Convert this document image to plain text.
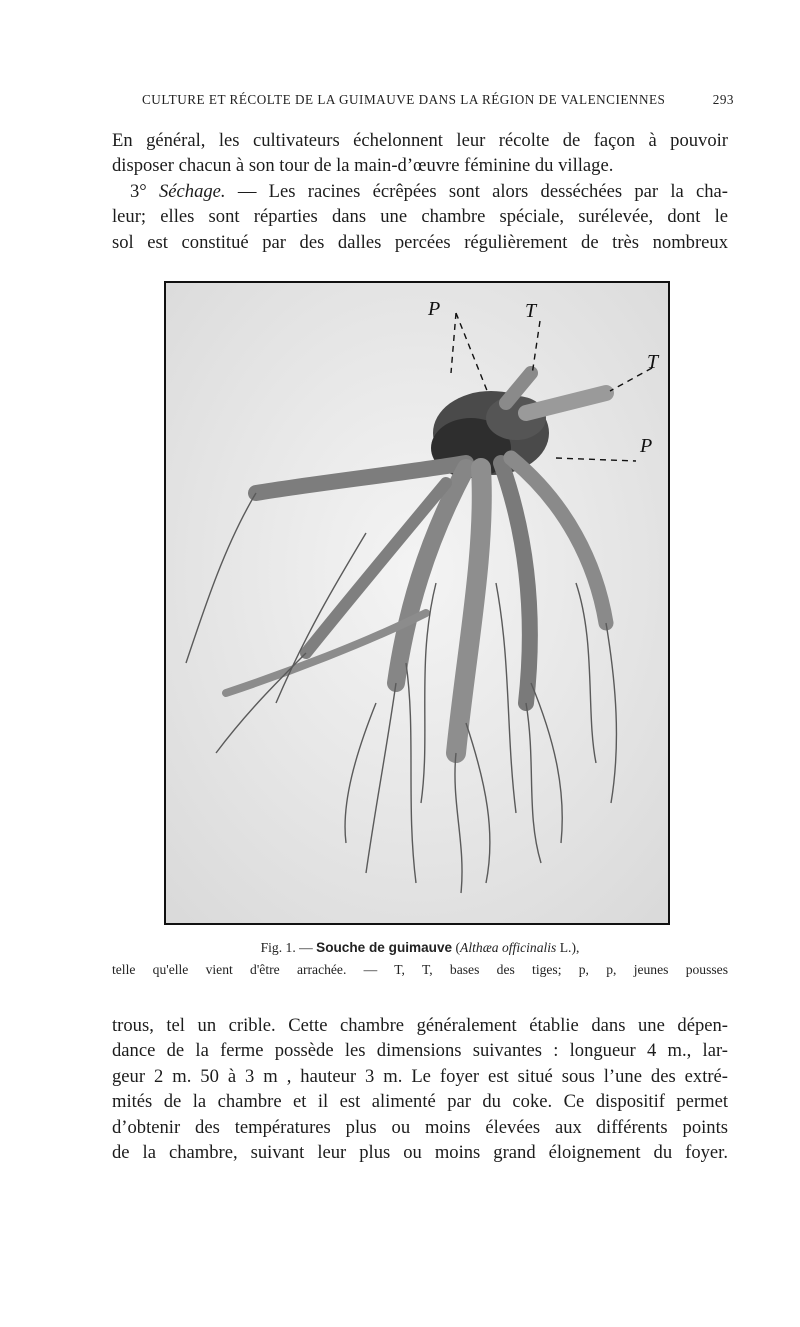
CULTURE ET RÉCOLTE DE LA GUIMAUVE DANS LA RÉGION DE VALENCIENNES	293
En général, les cultivateurs échelonnent leur récolte de façon à pouvoir
disposer chacun à son tour de la main-d’œuvre féminine du village.
3° Séchage. — Les racines écrêpées sont alors desséchées par la cha-
leur; elles sont réparties dans une chambre spéciale, surélevée, dont le
sol est constitué par des dalles percées régulièrement de très nombreux
P	T
T
P
Fig. 1. — Souche de guimauve (Althæa officinalis L.),
telle qu'elle vient d'être arrachée. — T, T, bases des tiges; p, p, jeunes pousses
trous, tel un crible. Cette chambre généralement établie dans une dépen-
dance de la ferme possède les dimensions suivantes : longueur 4 m., lar-
geur 2 m. 50 à 3 m , hauteur 3 m. Le foyer est situé sous l’une des extré-
mités de la chambre et il est alimenté par du coke. Ce dispositif permet
d’obtenir des températures plus ou moins élevées aux différents points
de la chambre, suivant leur plus ou moins grand éloignement du foyer.
